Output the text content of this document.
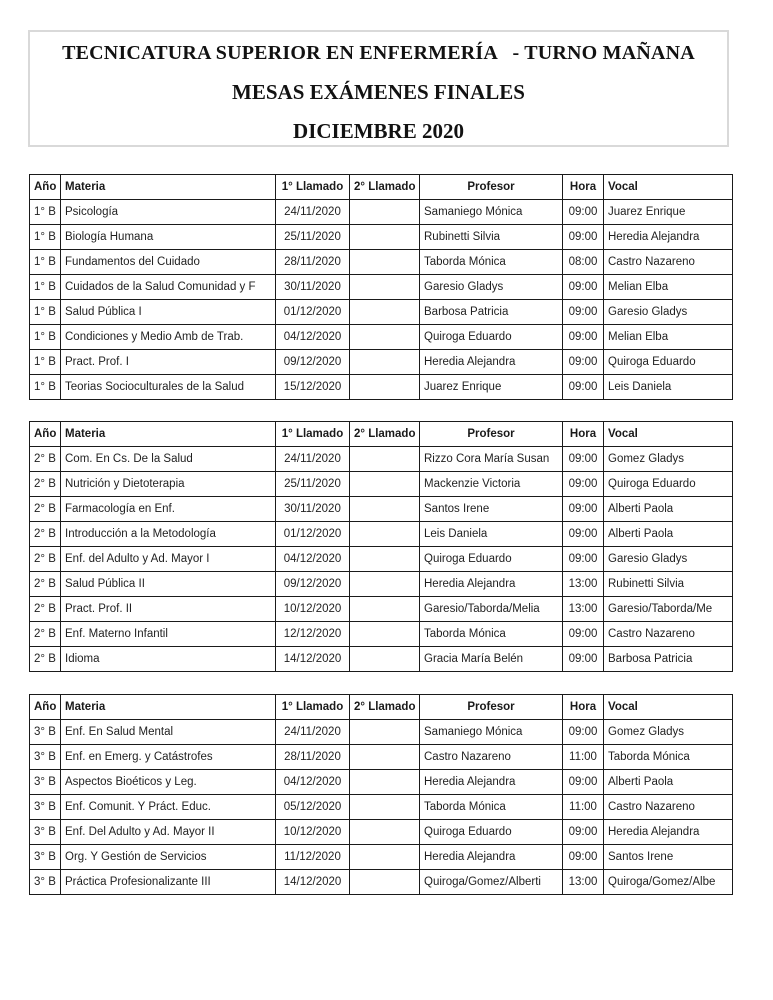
TECNICATURA SUPERIOR EN ENFERMERÍA   - TURNO MAÑANA
MESAS EXÁMENES FINALES
DICIEMBRE 2020
Año	Materia	1° Llamado	2° Llamado	Profesor	Hora	Vocal
1° B	Psicología	24/11/2020		Samaniego Mónica	09:00	Juarez Enrique
1° B	Biología Humana	25/11/2020		Rubinetti Silvia	09:00	Heredia Alejandra
1° B	Fundamentos del Cuidado	28/11/2020		Taborda Mónica	08:00	Castro Nazareno
1° B	Cuidados de la Salud Comunidad y F	30/11/2020		Garesio Gladys	09:00	Melian Elba
1° B	Salud Pública I	01/12/2020		Barbosa Patricia	09:00	Garesio Gladys
1° B	Condiciones y Medio Amb de Trab.	04/12/2020		Quiroga Eduardo	09:00	Melian Elba
1° B	Pract. Prof. I	09/12/2020		Heredia Alejandra	09:00	Quiroga Eduardo
1° B	Teorias Socioculturales de la Salud	15/12/2020		Juarez Enrique	09:00	Leis Daniela
Año	Materia	1° Llamado	2° Llamado	Profesor	Hora	Vocal
2° B	Com. En Cs. De la Salud	24/11/2020		Rizzo Cora María Susan	09:00	Gomez Gladys
2° B	Nutrición y Dietoterapia	25/11/2020		Mackenzie Victoria	09:00	Quiroga Eduardo
2° B	Farmacología en Enf.	30/11/2020		Santos Irene	09:00	Alberti Paola
2° B	Introducción a la Metodología	01/12/2020		Leis Daniela	09:00	Alberti Paola
2° B	Enf. del Adulto y Ad. Mayor I	04/12/2020		Quiroga Eduardo	09:00	Garesio Gladys
2° B	Salud Pública II	09/12/2020		Heredia Alejandra	13:00	Rubinetti Silvia
2° B	Pract. Prof. II	10/12/2020		Garesio/Taborda/Melia	13:00	Garesio/Taborda/Me
2° B	Enf. Materno Infantil	12/12/2020		Taborda Mónica	09:00	Castro Nazareno
2° B	Idioma	14/12/2020		Gracia María Belén	09:00	Barbosa Patricia
Año	Materia	1° Llamado	2° Llamado	Profesor	Hora	Vocal
3° B	Enf. En Salud Mental	24/11/2020		Samaniego Mónica	09:00	Gomez Gladys
3° B	Enf. en Emerg. y Catástrofes	28/11/2020		Castro Nazareno	11:00	Taborda Mónica
3° B	Aspectos Bioéticos y Leg.	04/12/2020		Heredia Alejandra	09:00	Alberti Paola
3° B	Enf. Comunit. Y Práct. Educ.	05/12/2020		Taborda Mónica	11:00	Castro Nazareno
3° B	Enf. Del Adulto y Ad. Mayor II	10/12/2020		Quiroga Eduardo	09:00	Heredia Alejandra
3° B	Org. Y Gestión de Servicios	11/12/2020		Heredia Alejandra	09:00	Santos Irene
3° B	Práctica Profesionalizante III	14/12/2020		Quiroga/Gomez/Alberti	13:00	Quiroga/Gomez/Albe
